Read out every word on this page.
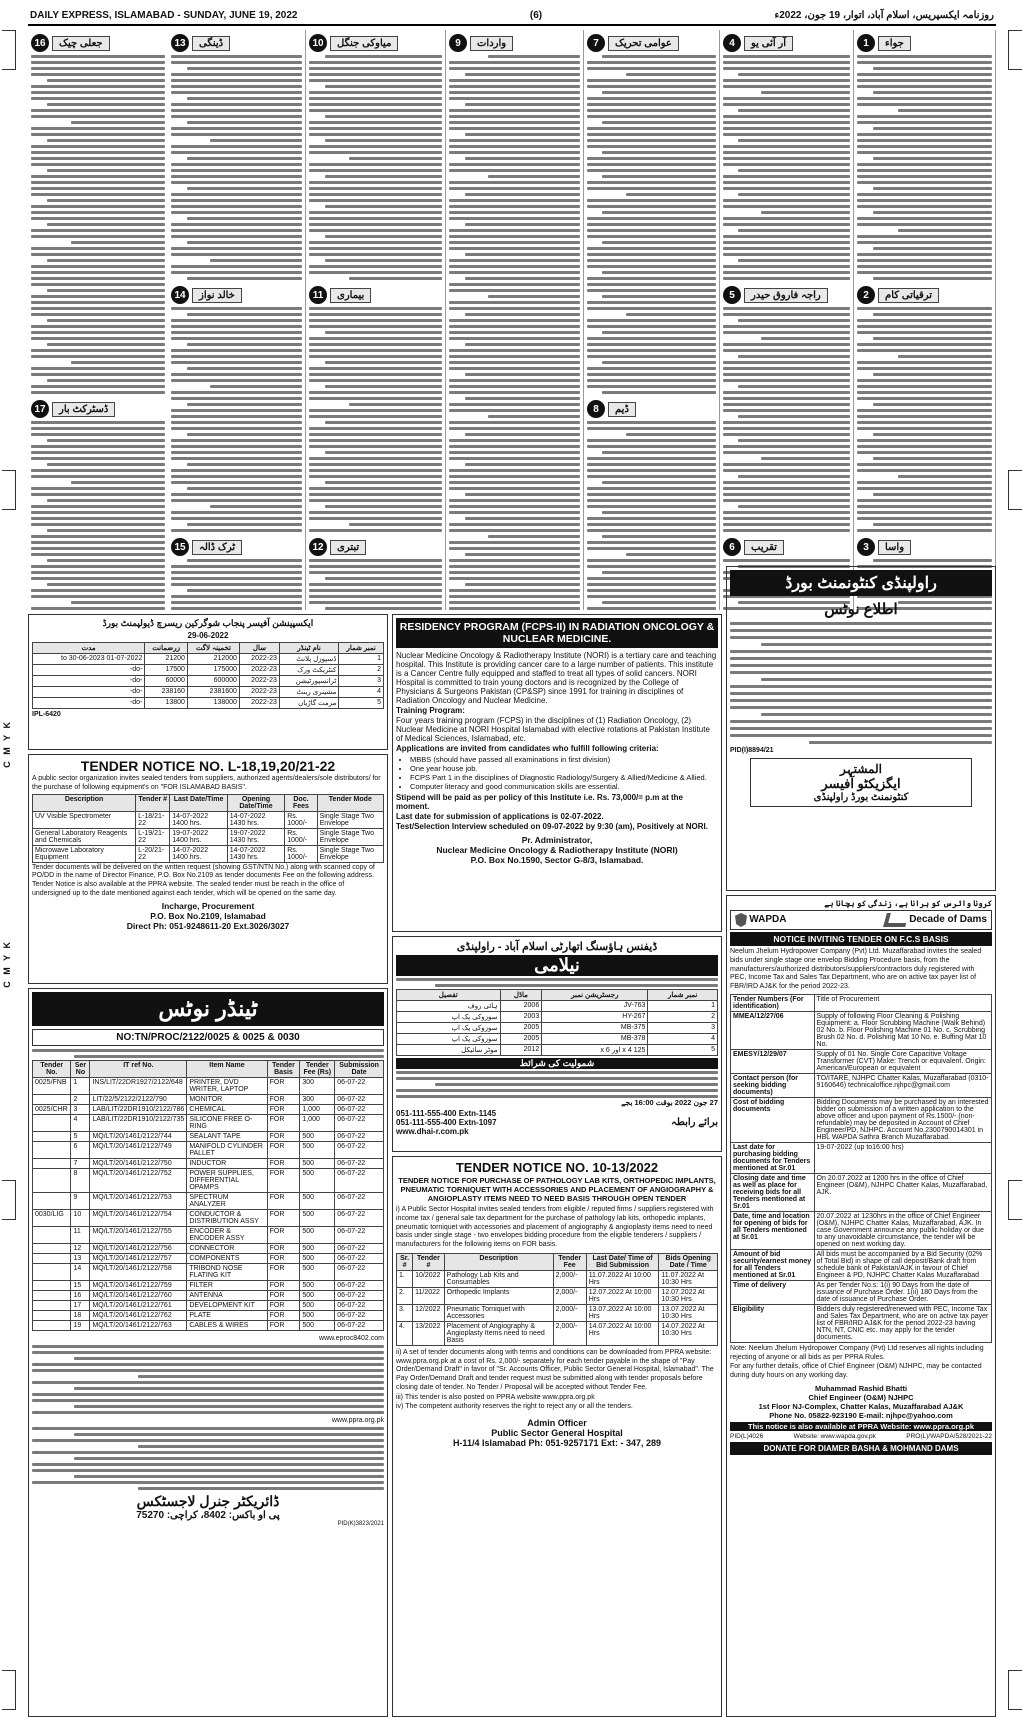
C M Y K
C M Y K
DAILY EXPRESS, ISLAMABAD - SUNDAY, JUNE 19, 2022	(6)	روزنامہ ایکسپریس، اسلام آباد، اتوار، 19 جون، 2022ء
جواء
1
ترقیاتی کام
2
واسا
3
آر آئی یو
4
راجہ فاروق حیدر
5
تقریب
6
عوامی تحریک
7
ڈیم
8
واردات
9
میاوکی جنگل
10
بیماری
11
تبتری
12
ڈینگی
13
خالد نواز
14
ٹرک ڈالہ
15
جعلی چیک
16
ڈسٹرکٹ بار
17
ایکسپینشن آفیسر پنجاب شوگرکین ریسرچ ڈیولپمنٹ بورڈ
29-06-2022
نمبر شمار	نام ٹینڈر	سال	تخمینہ لاگت	زرضمانت	مدت
1	ڈسپوزل پلانٹ	2022-23	212000	21200	01-07-2022 to 30-06-2023
2	کنٹریکٹ ورک	2022-23	175000	17500	-do-
3	ٹرانسپورٹیشن	2022-23	600000	60000	-do-
4	مشینری رینٹ	2022-23	2381600	238160	-do-
5	مرمت گاڑیاں	2022-23	138000	13800	-do-
IPL-6420
TENDER NOTICE NO. L-18,19,20/21-22

A public sector organization invites sealed tenders from suppliers, authorized agents/dealers/sole distributors/ for the purchase of following equipment's on "FOR ISLAMABAD BASIS".

Description	Tender #	Last Date/Time	Opening Date/Time	Doc. Fees	Tender Mode
UV Visible Spectrometer	L-18/21-22	14-07-2022 1400 hrs.	14-07-2022 1430 hrs.	Rs. 1000/-	Single Stage Two Envelope
General Laboratory Reagents and Chemicals	L-19/21-22	19-07-2022 1400 hrs.	19-07-2022 1430 hrs.	Rs. 1000/-	Single Stage Two Envelope
Microwave Laboratory Equipment	L-20/21-22	14-07-2022 1400 hrs.	14-07-2022 1430 hrs.	Rs. 1000/-	Single Stage Two Envelope

Tender documents will be delivered on the written request (showing GST/NTN No.) along with scanned copy of PO/DD in the name of Director Finance, P.O. Box No.2109 as tender documents Fee on the following address. Tender Notice is also available at the PPRA website. The sealed tender must be reach in the office of undersigned up to the date mentioned against each tender, which will be opened on the same day.

Incharge, Procurement
P.O. Box No.2109, Islamabad
Direct Ph: 051-9248611-20 Ext.3026/3027
ٹینڈر نوٹس
NO:TN/PROC/2122/0025 & 0025 & 0030
Tender No.	Ser No	IT ref No.	Item Name	Tender Basis	Tender Fee (Rs)	Submission Date
0025/FNB	1	INS/LIT/22DR1927/2122/648	PRINTER, DVD WRITER, LAPTOP	FOR	300	06-07-22
	2	LIT/22/5/2122/2122/790	MONITOR	FOR	300	06-07-22
0025/CHR	3	LAB/LIT/22DR1910/2122/786	CHEMICAL	FOR	1,000	06-07-22
	4	LAB/LIT/22DR1910/2122/735	SILICONE FREE O-RING	FOR	1,000	06-07-22
	5	MQ/LT/20/1461/2122/744	SEALANT TAPE	FOR	500	06-07-22
	6	MQ/LT/20/1461/2122/749	MANIFOLD CYLINDER PALLET	FOR	500	06-07-22
	7	MQ/LT/20/1461/2122/750	INDUCTOR	FOR	500	06-07-22
	8	MQ/LT/20/1461/2122/752	POWER SUPPLIES, DIFFERENTIAL OPAMPS	FOR	500	06-07-22
	9	MQ/LT/20/1461/2122/753	SPECTRUM ANALYZER	FOR	500	06-07-22
0030/LIG	10	MQ/LT/20/1461/2122/754	CONDUCTOR & DISTRIBUTION ASSY	FOR	500	06-07-22
	11	MQ/LT/20/1461/2122/755	ENCODER & ENCODER ASSY	FOR	500	06-07-22
	12	MQ/LT/20/1461/2122/756	CONNECTOR	FOR	500	06-07-22
	13	MQ/LT/20/1461/2122/757	COMPONENTS	FOR	500	06-07-22
	14	MQ/LT/20/1461/2122/758	TRIBOND NOSE FLATING KIT	FOR	500	06-07-22
	15	MQ/LT/20/1461/2122/759	FILTER	FOR	500	06-07-22
	16	MQ/LT/20/1461/2122/760	ANTENNA	FOR	500	06-07-22
	17	MQ/LT/20/1461/2122/761	DEVELOPMENT KIT	FOR	500	06-07-22
	18	MQ/LT/20/1461/2122/762	PLATE	FOR	500	06-07-22
	19	MQ/LT/20/1461/2122/763	CABLES & WIRES	FOR	500	06-07-22
www.eproc8402.com
www.ppra.org.pk
ڈائریکٹر جنرل لاجسٹکس
پی او باکس: 8402، کراچی: 75270
PID(K)3823/2021
RESIDENCY PROGRAM (FCPS-II) IN RADIATION ONCOLOGY & NUCLEAR MEDICINE.

Nuclear Medicine Oncology & Radiotherapy Institute (NORI) is a tertiary care and teaching hospital. This Institute is providing cancer care to a large number of patients. This institute is a Cancer Centre fully equipped and staffed to treat all types of solid cancers. NORI Hospital is committed to train young doctors and is recognized by the College of Physicians & Surgeons Pakistan (CP&SP) since 1991 for training in disciplines of Radiation Oncology and Nuclear Medicine.

Training Program:

Four years training program (FCPS) in the disciplines of (1) Radiation Oncology, (2) Nuclear Medicine at NORI Hospital Islamabad with elective rotations at Pakistan Institute of Medical Sciences, Islamabad, etc.

Applications are invited from candidates who fulfill following criteria:

• MBBS (should have passed all examinations in first division)
• One year house job.
• FCPS Part 1 in the disciplines of Diagnostic Radiology/Surgery & Allied/Medicine & Allied.
• Computer literacy and good communication skills are essential.

Stipend will be paid as per policy of this Institute i.e. Rs. 73,000/= p.m at the moment.

Last date for submission of applications is 02-07-2022.

Test/Selection Interview scheduled on 09-07-2022 by 9:30 (am), Positively at NORI.

Pr. Administrator,
Nuclear Medicine Oncology & Radiotherapy Institute (NORI)
P.O. Box No.1590, Sector G-8/3, Islamabad.
ڈیفنس ہاؤسنگ اتھارٹی اسلام آباد - راولپنڈی
نیلامی
نمبر شمار	رجسٹریشن نمبر	ماڈل	تفصیل
1	JV-763	2006	ہائی روف
2	HY-267	2003	سوزوکی پک اپ
3	MB-375	2005	سوزوکی پک اپ
4	MB-378	2005	سوزوکی پک اپ
5	125 x 4 اور 6 x	2012	موٹر سائیکل
شمولیت کی شرائط
27 جون 2022 بوقت 16:00 بجے
051-111-555-400 Extn-1145
051-111-555-400 Extn-1097
www.dhai-r.com.pk
برائے رابطہ
TENDER NOTICE NO. 10-13/2022

TENDER NOTICE FOR PURCHASE OF PATHOLOGY LAB KITS, ORTHOPEDIC IMPLANTS, PNEUMATIC TORNIQUET WITH ACCESSORIES AND PLACEMENT OF ANGIOGRAPHY & ANGIOPLASTY ITEMS NEED TO NEED BASIS THROUGH OPEN TENDER

i) A Public Sector Hospital invites sealed tenders from eligible / reputed firms / suppliers registered with income tax / general sale tax department for the purchase of pathology lab kits, orthopedic implants, pneumatic torniquet with accessories and placement of angiography & angioplasty items need to need basis under single stage - two envelopes bidding procedure from the eligible tenderers / suppliers / manufacturers for the following items on FOR basis.

Sr. #	Tender #	Description	Tender Fee	Last Date/ Time of Bid Submission	Bids Opening Date / Time
1.	10/2022	Pathology Lab Kits and Consumables	2,000/-	11.07.2022 At 10:00 Hrs	11.07.2022 At 10:30 Hrs
2.	11/2022	Orthopedic Implants	2,000/-	12.07.2022 At 10:00 Hrs	12.07.2022 At 10:30 Hrs
3.	12/2022	Pneumatic Torniquet with Accessories	2,000/-	13.07.2022 At 10:00 Hrs	13.07.2022 At 10:30 Hrs
4.	13/2022	Placement of Angiography & Angioplasty Items need to need Basis	2,000/-	14.07.2022 At 10:00 Hrs	14.07.2022 At 10:30 Hrs

ii) A set of tender documents along with terms and conditions can be downloaded from PPRA website: www.ppra.org.pk at a cost of Rs. 2,000/- separately for each tender payable in the shape of "Pay Order/Demand Draft" in favor of "Sr. Accounts Officer, Public Sector General Hospital, Islamabad". The Pay Order/Demand Draft and tender request must be submitted along with tender proposals before closing date of tender. No Tender / Proposal will be accepted without Tender Fee.

iii) This tender is also posted on PPRA website www.ppra.org.pk

iv) The competent authority reserves the right to reject any or all the tenders.

Admin Officer
Public Sector General Hospital
H-11/4 Islamabad Ph: 051-9257171 Ext: - 347, 289
راولپنڈی کنٹونمنٹ بورڈ
اطلاع نوٹس
PID(I)8894/21
المشتہر
ایگزیکٹو آفیسر
کنٹونمنٹ بورڈ راولپنڈی
کرونا وائرس کو ہرانا ہے، زندگی کو بچانا ہے
WAPDA	Decade of Dams
NOTICE INVITING TENDER ON F.C.S BASIS

Neelum Jhelum Hydropower Company (Pvt) Ltd. Muzaffarabad invites the sealed bids under single stage one envelop Bidding Procedure basis, from the manufacturers/authorized distributors/suppliers/contractors duly registered with PEC, Income Tax and Sales Tax Department, who are on active tax payer list of FBR/IRD AJ&K for the period 2022-23.

Tender Numbers (For identification)	Title of Procurement
MMEA/12/27/06	Supply of following Floor Cleaning & Polishing Equipment: a. Floor Scrubbing Machine (Walk Behind) 02 No. b. Floor Polishing Machine 01 No. c. Scrubbing Brush 02 No. d. Polishing Mat 10 No. e. Buffing Mat 10 No.
EMESY/12/29/07	Supply of 01 No. Single Core Capacitive Voltage Transformer (CVT) Make: Trench or equivalent. Origin: American/European or equivalent
Contact person (for seeking bidding documents)	TO/ITARE, NJHPC Chatter Kalas, Muzaffarabad (0310-9160646) technicaloffice.njhpc@gmail.com
Cost of bidding documents	Bidding Documents may be purchased by an interested bidder on submission of a written application to the above officer and upon payment of Rs.1500/- (non-refundable) may be deposited in Account of Chief Engineer/PD, NJHPC. Account No.2300790014301 in HBL WAPDA Sathra Branch Muzaffarabad.
Last date for purchasing bidding documents for Tenders mentioned at Sr.01	19-07-2022 (up to16:00 hrs)
Closing date and time as well as place for receiving bids for all Tenders mentioned at Sr.01	On 20.07.2022 at 1200 hrs in the office of Chief Engineer (O&M), NJHPC Chatter Kalas, Muzaffarabad, AJK.
Date, time and location for opening of bids for all Tenders mentioned at Sr.01	20.07.2022 at 1230hrs in the office of Chief Engineer (O&M), NJHPC Chatter Kalas, Muzaffarabad, AJK. In case Government announce any public holiday or due to any unavoidable circumstance, the tender will be opened on next working day.
Amount of bid security/earnest money for all Tenders mentioned at Sr.01	All bids must be accompanied by a Bid Security (02% of Total Bid) in shape of call deposit/Bank draft from schedule bank of Pakistan/AJK in favour of Chief Engineer & PD, NJHPC Chatter Kalas Muzaffarabad
Time of delivery	As per Tender No.s: 1(i) 90 Days from the date of issuance of Purchase Order. 1(ii) 180 Days from the date of issuance of Purchase Order.
Eligibility	Bidders duly registered/renewed with PEC, Income Tax and Sales Tax Department, who are on active tax payer list of FBR/IRD AJ&K for the period 2022-23 having NTN, NT, CNIC etc. may apply for the tender documents.

Note: Neelum Jhelum Hydropower Company (Pvt) Ltd reserves all rights including rejecting of anyone or all bids as per PPRA Rules.

For any further details, office of Chief Engineer (O&M) NJHPC, may be contacted during duty hours on any working day.

Muhammad Rashid Bhatti
Chief Engineer (O&M) NJHPC
1st Floor NJ-Complex, Chatter Kalas, Muzaffarabad AJ&K
Phone No. 05822-923190 E-mail: njhpc@yahoo.com
This notice is also available at PPRA Website: www.ppra.org.pk
PID(L)4026	Website: www.wapda.gov.pk	PRO(L)/WAPDA/528/2021-22
DONATE FOR DIAMER BASHA & MOHMAND DAMS
